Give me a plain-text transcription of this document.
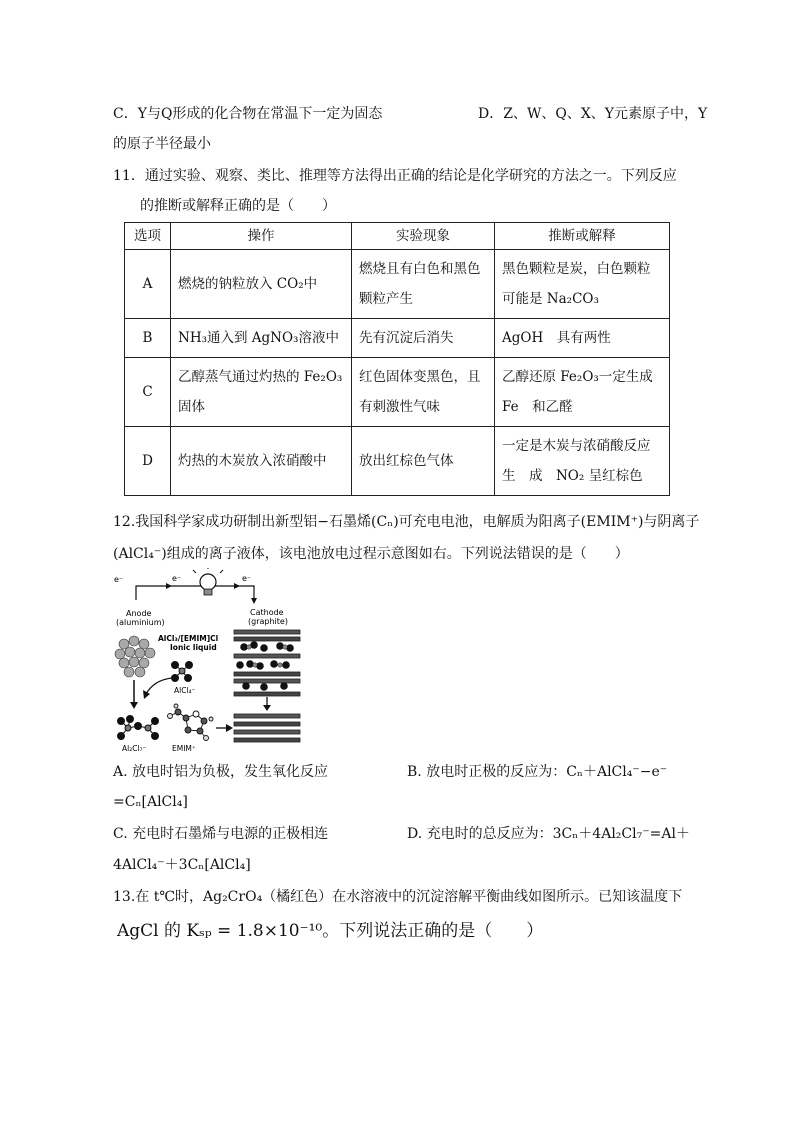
C．Y与Q形成的化合物在常温下一定为固态	D．Z、W、Q、X、Y元素原子中，Y
的原子半径最小
11．通过实验、观察、类比、推理等方法得出正确的结论是化学研究的方法之一。下列反应
的推断或解释正确的是（　　）
选项	操作	实验现象	推断或解释
A	燃烧的钠粒放入 CO₂中	燃烧且有白色和黑色颗粒产生	黑色颗粒是炭，白色颗粒可能是 Na₂CO₃
B	NH₃通入到 AgNO₃溶液中	先有沉淀后消失	AgOH　具有两性
C	乙醇蒸气通过灼热的 Fe₂O₃　固体	红色固体变黑色，且有刺激性气味	乙醇还原 Fe₂O₃一定生成 Fe　和乙醛
D	灼热的木炭放入浓硝酸中	放出红棕色气体	一定是木炭与浓硝酸反应生　成　NO₂ 呈红棕色
12.我国科学家成功研制出新型铝−石墨烯(Cₙ)可充电电池，电解质为阳离子(EMIM⁺)与阴离子
(AlCl₄⁻)组成的离子液体，该电池放电过程示意图如右。下列说法错误的是（　　）
e⁻	e⁻	e⁻
Anode
(aluminium)
Cathode
(graphite)
AlCl₃/[EMIM]Cl
Ionic liquid
AlCl₄⁻
Al₂Cl₇⁻	EMIM⁺
A. 放电时铝为负极，发生氧化反应	B. 放电时正极的反应为：Cₙ＋AlCl₄⁻−e⁻
=Cₙ[AlCl₄]
C. 充电时石墨烯与电源的正极相连	D. 充电时的总反应为：3Cₙ＋4Al₂Cl₇⁻=Al＋
4AlCl₄⁻＋3Cₙ[AlCl₄]
13.在 t℃时，Ag₂CrO₄（橘红色）在水溶液中的沉淀溶解平衡曲线如图所示。已知该温度下
AgCl 的 Kₛₚ = 1.8×10⁻¹⁰。下列说法正确的是（　　）
